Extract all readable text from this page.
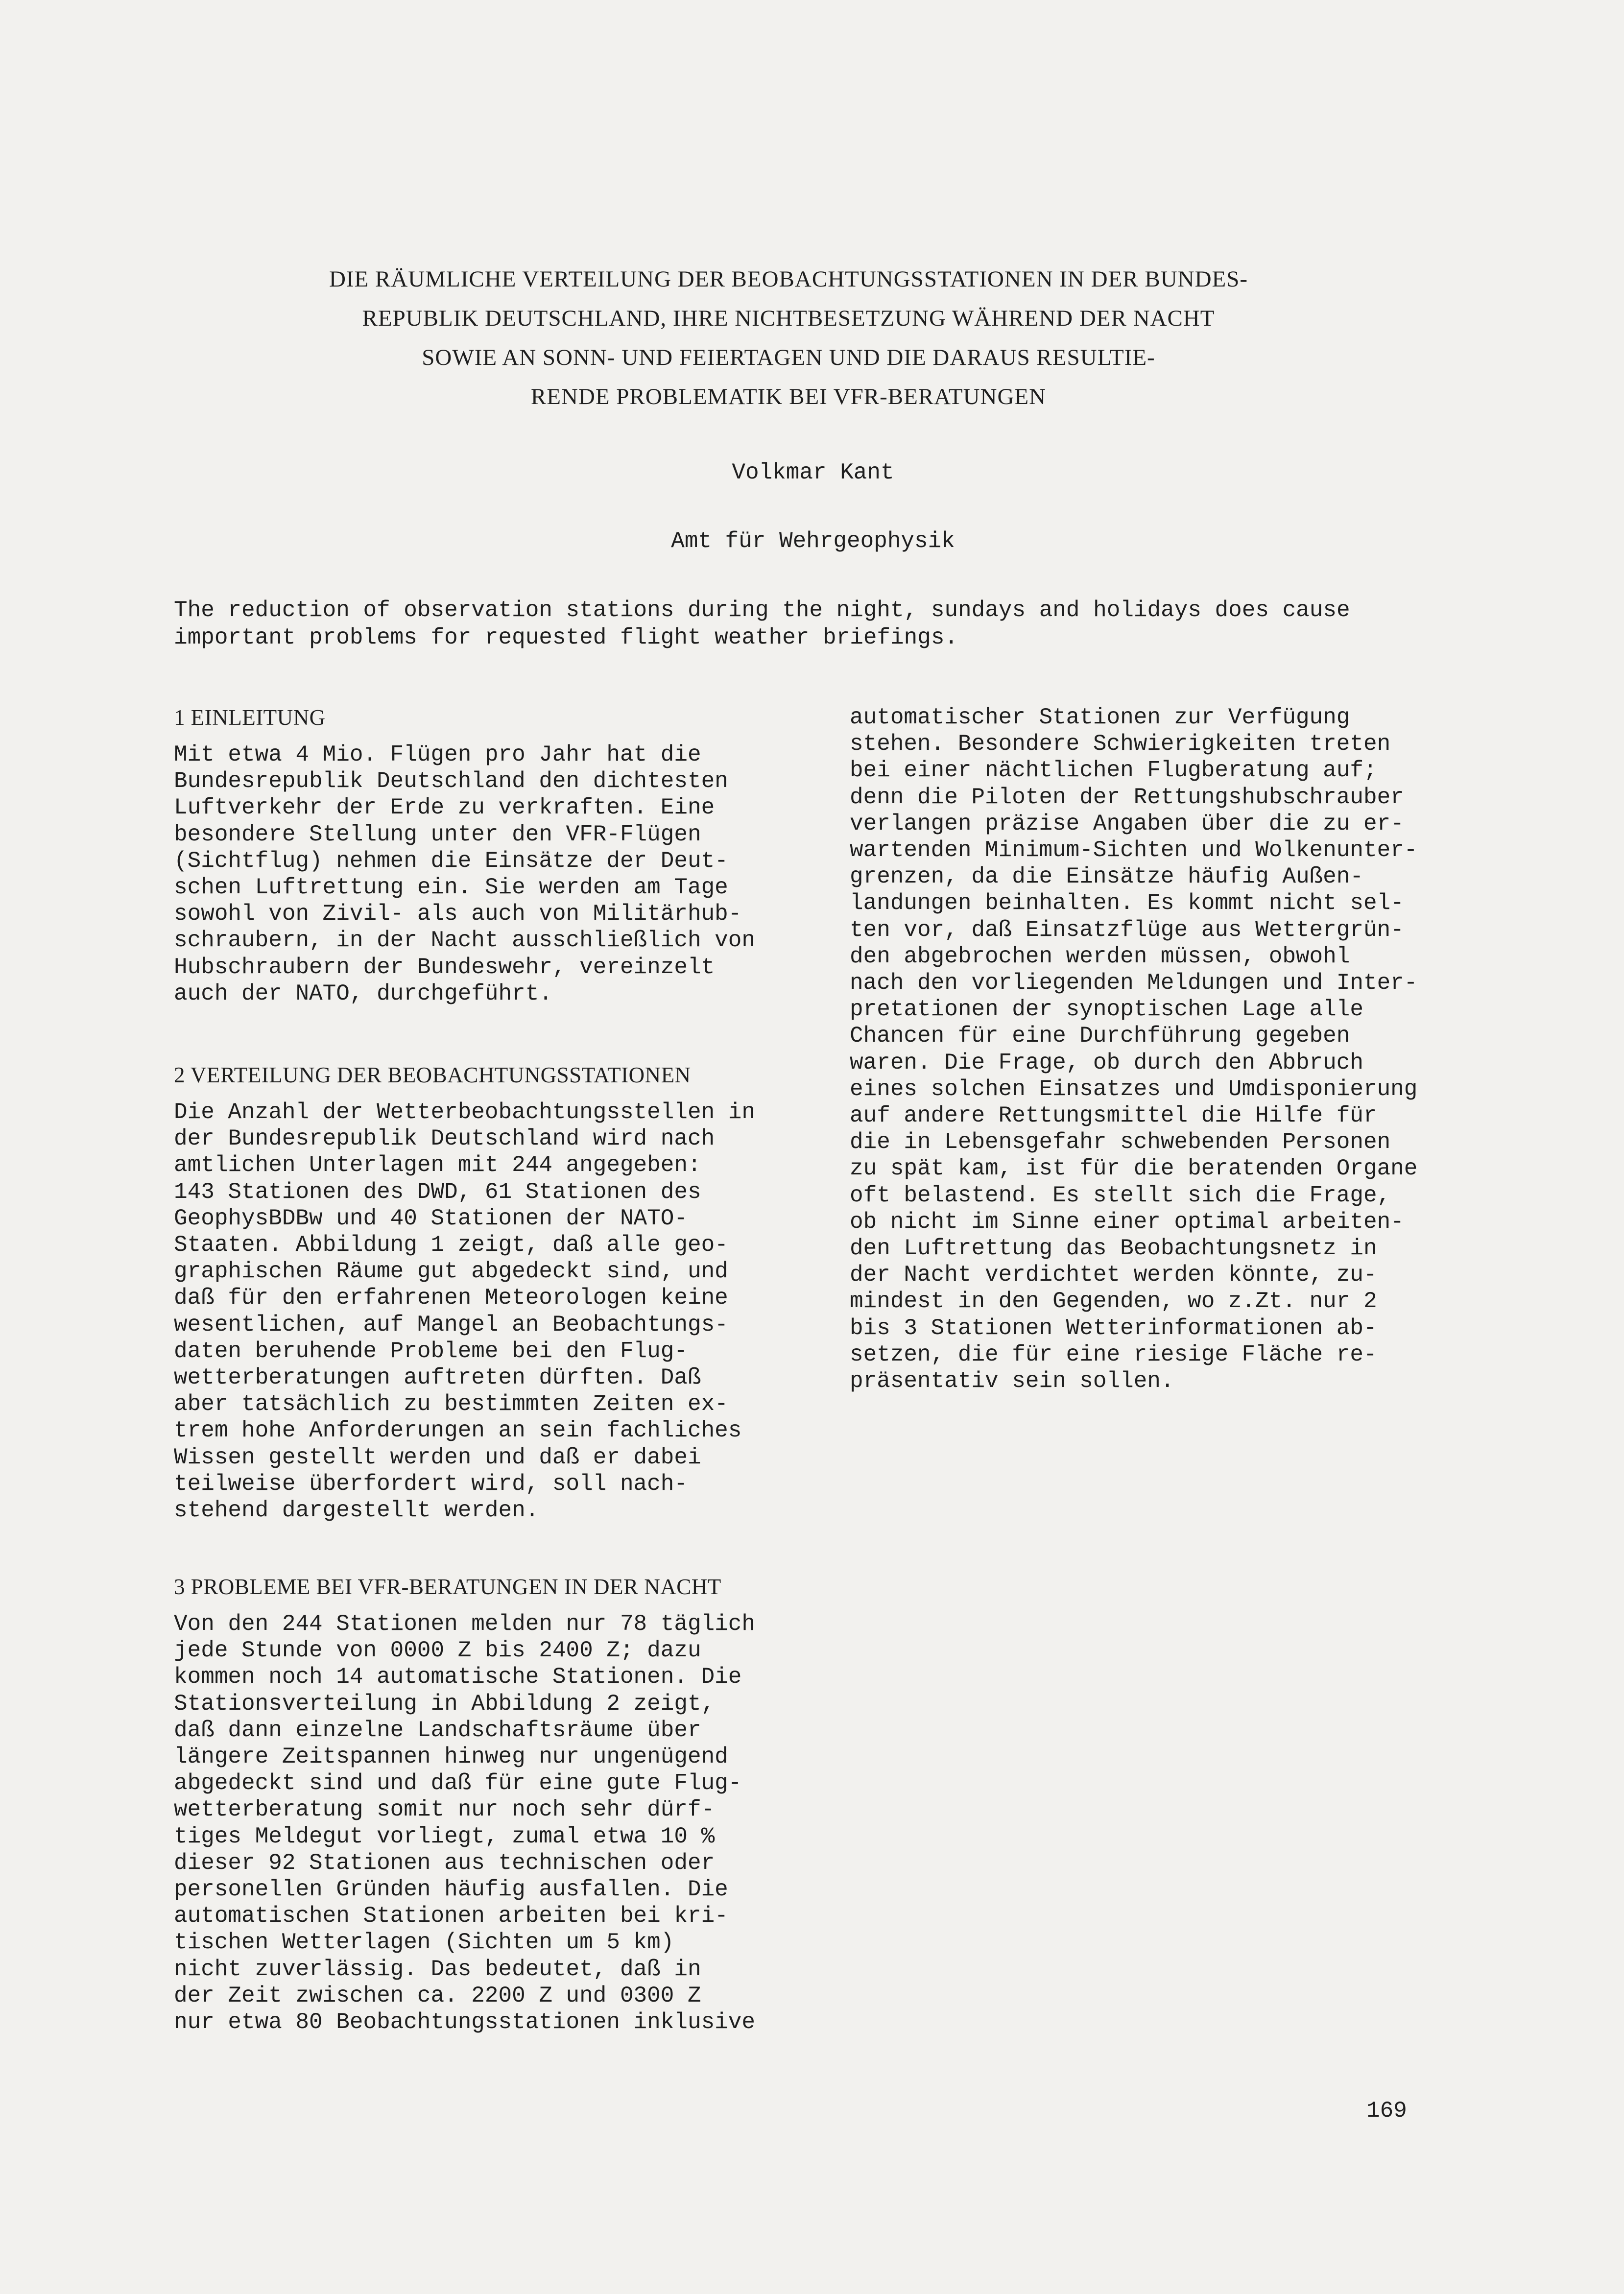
DIE RÄUMLICHE VERTEILUNG DER BEOBACHTUNGSSTATIONEN IN DER BUNDES-
REPUBLIK DEUTSCHLAND, IHRE NICHTBESETZUNG WÄHREND DER NACHT
SOWIE AN SONN- UND FEIERTAGEN UND DIE DARAUS RESULTIE-
RENDE PROBLEMATIK BEI VFR-BERATUNGEN
Volkmar Kant
Amt für Wehrgeophysik
The reduction of observation stations during the night, sundays and holidays does cause
important problems for requested flight weather briefings.
1 EINLEITUNG
Mit etwa 4 Mio. Flügen pro Jahr hat die
Bundesrepublik Deutschland den dichtesten
Luftverkehr der Erde zu verkraften. Eine
besondere Stellung unter den VFR-Flügen
(Sichtflug) nehmen die Einsätze der Deut-
schen Luftrettung ein. Sie werden am Tage
sowohl von Zivil- als auch von Militärhub-
schraubern, in der Nacht ausschließlich von
Hubschraubern der Bundeswehr, vereinzelt
auch der NATO, durchgeführt.
2 VERTEILUNG DER BEOBACHTUNGSSTATIONEN
Die Anzahl der Wetterbeobachtungsstellen in
der Bundesrepublik Deutschland wird nach
amtlichen Unterlagen mit 244 angegeben:
143 Stationen des DWD, 61 Stationen des
GeophysBDBw und 40 Stationen der NATO-
Staaten. Abbildung 1 zeigt, daß alle geo-
graphischen Räume gut abgedeckt sind, und
daß für den erfahrenen Meteorologen keine
wesentlichen, auf Mangel an Beobachtungs-
daten beruhende Probleme bei den Flug-
wetterberatungen auftreten dürften. Daß
aber tatsächlich zu bestimmten Zeiten ex-
trem hohe Anforderungen an sein fachliches
Wissen gestellt werden und daß er dabei
teilweise überfordert wird, soll nach-
stehend dargestellt werden.
3 PROBLEME BEI VFR-BERATUNGEN IN DER NACHT
Von den 244 Stationen melden nur 78 täglich
jede Stunde von 0000 Z bis 2400 Z; dazu
kommen noch 14 automatische Stationen. Die
Stationsverteilung in Abbildung 2 zeigt,
daß dann einzelne Landschaftsräume über
längere Zeitspannen hinweg nur ungenügend
abgedeckt sind und daß für eine gute Flug-
wetterberatung somit nur noch sehr dürf-
tiges Meldegut vorliegt, zumal etwa 10 %
dieser 92 Stationen aus technischen oder
personellen Gründen häufig ausfallen. Die
automatischen Stationen arbeiten bei kri-
tischen Wetterlagen (Sichten um 5 km)
nicht zuverlässig. Das bedeutet, daß in
der Zeit zwischen ca. 2200 Z und 0300 Z
nur etwa 80 Beobachtungsstationen inklusive
automatischer Stationen zur Verfügung
stehen. Besondere Schwierigkeiten treten
bei einer nächtlichen Flugberatung auf;
denn die Piloten der Rettungshubschrauber
verlangen präzise Angaben über die zu er-
wartenden Minimum-Sichten und Wolkenunter-
grenzen, da die Einsätze häufig Außen-
landungen beinhalten. Es kommt nicht sel-
ten vor, daß Einsatzflüge aus Wettergrün-
den abgebrochen werden müssen, obwohl
nach den vorliegenden Meldungen und Inter-
pretationen der synoptischen Lage alle
Chancen für eine Durchführung gegeben
waren. Die Frage, ob durch den Abbruch
eines solchen Einsatzes und Umdisponierung
auf andere Rettungsmittel die Hilfe für
die in Lebensgefahr schwebenden Personen
zu spät kam, ist für die beratenden Organe
oft belastend. Es stellt sich die Frage,
ob nicht im Sinne einer optimal arbeiten-
den Luftrettung das Beobachtungsnetz in
der Nacht verdichtet werden könnte, zu-
mindest in den Gegenden, wo z.Zt. nur 2
bis 3 Stationen Wetterinformationen ab-
setzen, die für eine riesige Fläche re-
präsentativ sein sollen.
169
